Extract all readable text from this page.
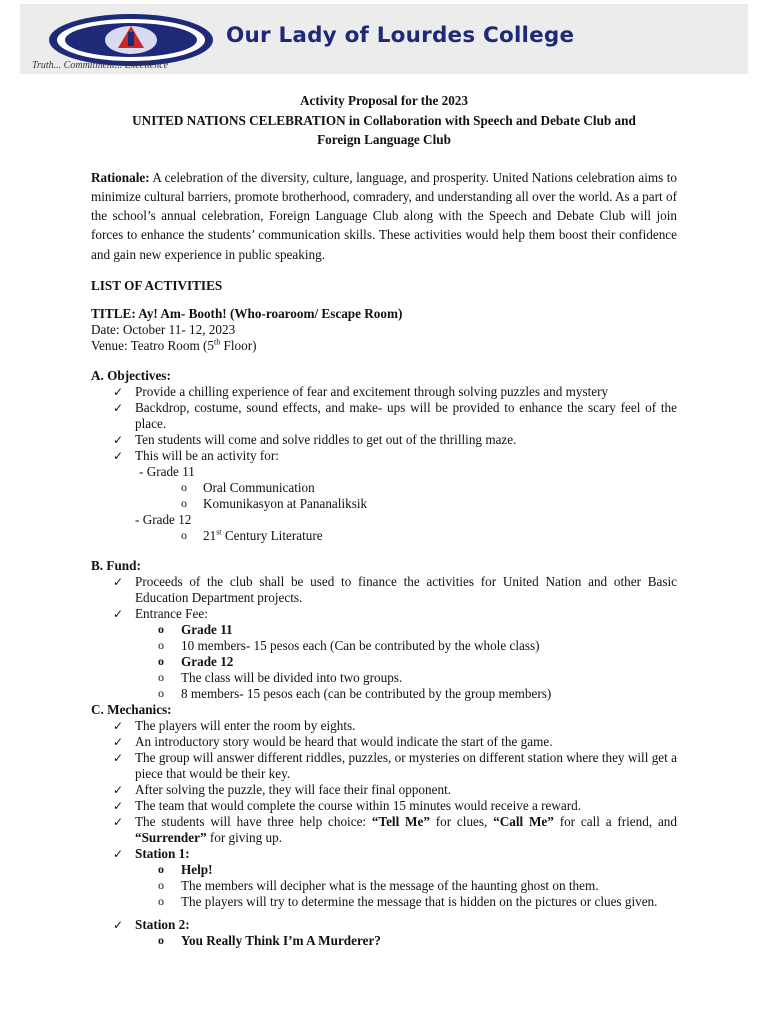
Our Lady of Lourdes College
Truth... Commitment... Excellence
Activity Proposal for the 2023
UNITED NATIONS CELEBRATION in Collaboration with Speech and Debate Club and
Foreign Language Club

Rationale: A celebration of the diversity, culture, language, and prosperity. United Nations celebration aims to minimize cultural barriers, promote brotherhood, comradery, and understanding all over the world. As a part of the school’s annual celebration, Foreign Language Club along with the Speech and Debate Club will join forces to enhance the students’ communication skills. These activities would help them boost their confidence and gain new experience in public speaking.

LIST OF ACTIVITIES

TITLE: Ay! Am- Booth! (Who-roaroom/ Escape Room)

Date: October 11- 12, 2023

Venue: Teatro Room (5th Floor)

A. Objectives:

✓ Provide a chilling experience of fear and excitement through solving puzzles and mystery
✓ Backdrop, costume, sound effects, and make- ups will be provided to enhance the scary feel of the place.
✓ Ten students will come and solve riddles to get out of the thrilling maze.
✓ This will be an activity for:

- Grade 11

o Oral Communication
o Komunikasyon at Pananaliksik

- Grade 12

o 21st Century Literature

B. Fund:

✓ Proceeds of the club shall be used to finance the activities for United Nation and other Basic Education Department projects.
✓ Entrance Fee:
o Grade 11
o 10 members- 15 pesos each (Can be contributed by the whole class)
o Grade 12
o The class will be divided into two groups.
o 8 members- 15 pesos each (can be contributed by the group members)

C. Mechanics:

✓ The players will enter the room by eights.
✓ An introductory story would be heard that would indicate the start of the game.
✓ The group will answer different riddles, puzzles, or mysteries on different station where they will get a piece that would be their key.
✓ After solving the puzzle, they will face their final opponent.
✓ The team that would complete the course within 15 minutes would receive a reward.
✓ The students will have three help choice: “Tell Me” for clues, “Call Me” for call a friend, and “Surrender” for giving up.
✓ Station 1:
o Help!
o The members will decipher what is the message of the haunting ghost on them.
o The players will try to determine the message that is hidden on the pictures or clues given.
✓ Station 2:
o You Really Think I’m A Murderer?
